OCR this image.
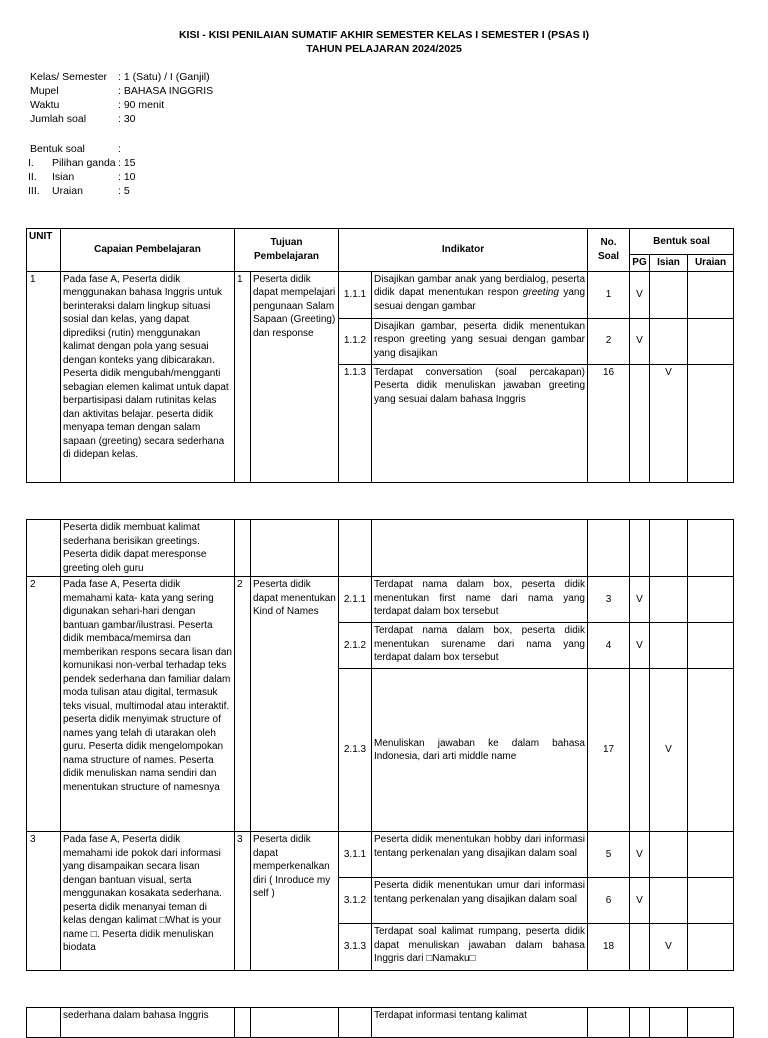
KISI - KISI PENILAIAN SUMATIF AKHIR SEMESTER KELAS I SEMESTER I (PSAS I)
TAHUN PELAJARAN 2024/2025
Kelas/ Semester : 1 (Satu) / I (Ganjil)
Mupel	: BAHASA INGGRIS
Waktu	: 90 menit
Jumlah soal	: 30
Bentuk soal	:
I. Pilihan ganda : 15
II. Isian	: 10
III. Uraian	: 5
UNIT	Capaian Pembelajaran	Tujuan Pembelajaran		Indikator		No. Soal	Bentuk soal		
							PG	Isian	Uraian
1	Pada fase A, Peserta didik menggunakan bahasa Inggris untuk berinteraksi dalam lingkup situasi sosial dan kelas, yang dapat diprediksi (rutin) menggunakan kalimat dengan pola yang sesuai dengan konteks yang dibicarakan. Peserta didik mengubah/mengganti sebagian elemen kalimat untuk dapat berpartisipasi dalam rutinitas kelas dan aktivitas belajar. peserta didik menyapa teman dengan salam sapaan (greeting) secara sederhana di didepan kelas.	1	Peserta didik dapat mempelajari pengunaan Salam Sapaan (Greeting) dan response	1.1.1	Disajikan gambar anak yang berdialog, peserta didik dapat menentukan respon greeting yang sesuai dengan gambar	1	V		
				1.1.2	Disajikan gambar, peserta didik menentukan respon greeting yang sesuai dengan gambar yang disajikan	2	V		
				1.1.3	Terdapat conversation (soal percakapan) Peserta didik menuliskan jawaban greeting yang sesuai dalam bahasa Inggris	16		V	
	Peserta didik membuat kalimat sederhana berisikan greetings. Peserta didik dapat meresponse greeting oleh guru								
2	Pada fase A, Peserta didik memahami kata- kata yang sering digunakan sehari-hari dengan bantuan gambar/ilustrasi. Peserta didik membaca/memirsa dan memberikan respons secara lisan dan komunikasi non-verbal terhadap teks pendek sederhana dan familiar dalam moda tulisan atau digital, termasuk teks visual, multimodal atau interaktif. peserta didik menyimak structure of names yang telah di utarakan oleh guru. Peserta didik mengelompokan nama structure of names. Peserta didik menuliskan nama sendiri dan menentukan structure of namesnya	2	Peserta didik dapat menentukan Kind of Names	2.1.1	Terdapat nama dalam box, peserta didik menentukan first name dari nama yang terdapat dalam box tersebut	3	V		
				2.1.2	Terdapat nama dalam box, peserta didik menentukan surename dari nama yang terdapat dalam box tersebut	4	V		
				2.1.3	Menuliskan jawaban ke dalam bahasa Indonesia, dari arti middle name	17		V	
3	Pada fase A, Peserta didik memahami ide pokok dari informasi yang disampaikan secara lisan dengan bantuan visual, serta menggunakan kosakata sederhana. peserta didik menanyai teman di kelas dengan kalimat □What is your name □. Peserta didik menuliskan biodata	3	Peserta didik dapat memperkenalkan diri ( Inroduce my self )	3.1.1	Peserta didik menentukan hobby dari informasi tentang perkenalan yang disajikan dalam soal	5	V		
				3.1.2	Peserta didik menentukan umur dari informasi tentang perkenalan yang disajikan dalam soal	6	V		
				3.1.3	Terdapat soal kalimat rumpang, peserta didik dapat menuliskan jawaban dalam bahasa Inggris dari □Namaku□	18		V	
	sederhana dalam bahasa Inggris				Terdapat informasi tentang kalimat				
